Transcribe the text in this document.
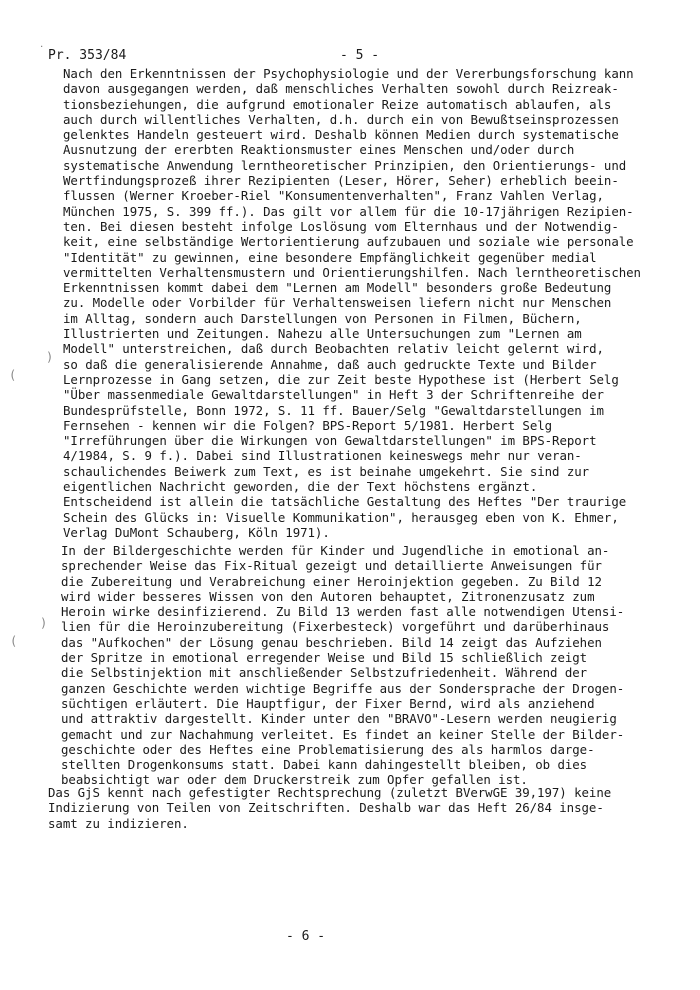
Pr. 353/84	- 5 -

Nach den Erkenntnissen der Psychophysiologie und der Vererbungsforschung kann
davon ausgegangen werden, daß menschliches Verhalten sowohl durch Reizreak-
tionsbeziehungen, die aufgrund emotionaler Reize automatisch ablaufen, als
auch durch willentliches Verhalten, d.h. durch ein von Bewußtseinsprozessen
gelenktes Handeln gesteuert wird. Deshalb können Medien durch systematische
Ausnutzung der ererbten Reaktionsmuster eines Menschen und/oder durch
systematische Anwendung lerntheoretischer Prinzipien, den Orientierungs- und
Wertfindungsprozeß ihrer Rezipienten (Leser, Hörer, Seher) erheblich beein-
flussen (Werner Kroeber-Riel "Konsumentenverhalten", Franz Vahlen Verlag,
München 1975, S. 399 ff.). Das gilt vor allem für die 10-17jährigen Rezipien-
ten. Bei diesen besteht infolge Loslösung vom Elternhaus und der Notwendig-
keit, eine selbständige Wertorientierung aufzubauen und soziale wie personale
"Identität" zu gewinnen, eine besondere Empfänglichkeit gegenüber medial
vermittelten Verhaltensmustern und Orientierungshilfen. Nach lerntheoretischen
Erkenntnissen kommt dabei dem "Lernen am Modell" besonders große Bedeutung
zu. Modelle oder Vorbilder für Verhaltensweisen liefern nicht nur Menschen
im Alltag, sondern auch Darstellungen von Personen in Filmen, Büchern,
Illustrierten und Zeitungen. Nahezu alle Untersuchungen zum "Lernen am
Modell" unterstreichen, daß durch Beobachten relativ leicht gelernt wird,
so daß die generalisierende Annahme, daß auch gedruckte Texte und Bilder
Lernprozesse in Gang setzen, die zur Zeit beste Hypothese ist (Herbert Selg
"Über massenmediale Gewaltdarstellungen" in Heft 3 der Schriftenreihe der
Bundesprüfstelle, Bonn 1972, S. 11 ff. Bauer/Selg "Gewaltdarstellungen im
Fernsehen - kennen wir die Folgen? BPS-Report 5/1981. Herbert Selg
"Irreführungen über die Wirkungen von Gewaltdarstellungen" im BPS-Report
4/1984, S. 9 f.). Dabei sind Illustrationen keineswegs mehr nur veran-
schaulichendes Beiwerk zum Text, es ist beinahe umgekehrt. Sie sind zur
eigentlichen Nachricht geworden, die der Text höchstens ergänzt.
Entscheidend ist allein die tatsächliche Gestaltung des Heftes "Der traurige
Schein des Glücks in: Visuelle Kommunikation", herausgeg eben von K. Ehmer,
Verlag DuMont Schauberg, Köln 1971).

In der Bildergeschichte werden für Kinder und Jugendliche in emotional an-
sprechender Weise das Fix-Ritual gezeigt und detaillierte Anweisungen für
die Zubereitung und Verabreichung einer Heroinjektion gegeben. Zu Bild 12
wird wider besseres Wissen von den Autoren behauptet, Zitronenzusatz zum
Heroin wirke desinfizierend. Zu Bild 13 werden fast alle notwendigen Utensi-
lien für die Heroinzubereitung (Fixerbesteck) vorgeführt und darüberhinaus
das "Aufkochen" der Lösung genau beschrieben. Bild 14 zeigt das Aufziehen
der Spritze in emotional erregender Weise und Bild 15 schließlich zeigt
die Selbstinjektion mit anschließender Selbstzufriedenheit. Während der
ganzen Geschichte werden wichtige Begriffe aus der Sondersprache der Drogen-
süchtigen erläutert. Die Hauptfigur, der Fixer Bernd, wird als anziehend
und attraktiv dargestellt. Kinder unter den "BRAVO"-Lesern werden neugierig
gemacht und zur Nachahmung verleitet. Es findet an keiner Stelle der Bilder-
geschichte oder des Heftes eine Problematisierung des als harmlos darge-
stellten Drogenkonsums statt. Dabei kann dahingestellt bleiben, ob dies
beabsichtigt war oder dem Druckerstreik zum Opfer gefallen ist.

Das GjS kennt nach gefestigter Rechtsprechung (zuletzt BVerwGE 39,197) keine
Indizierung von Teilen von Zeitschriften. Deshalb war das Heft 26/84 insge-
samt zu indizieren.

- 6 -
˙
(
)
(
)
